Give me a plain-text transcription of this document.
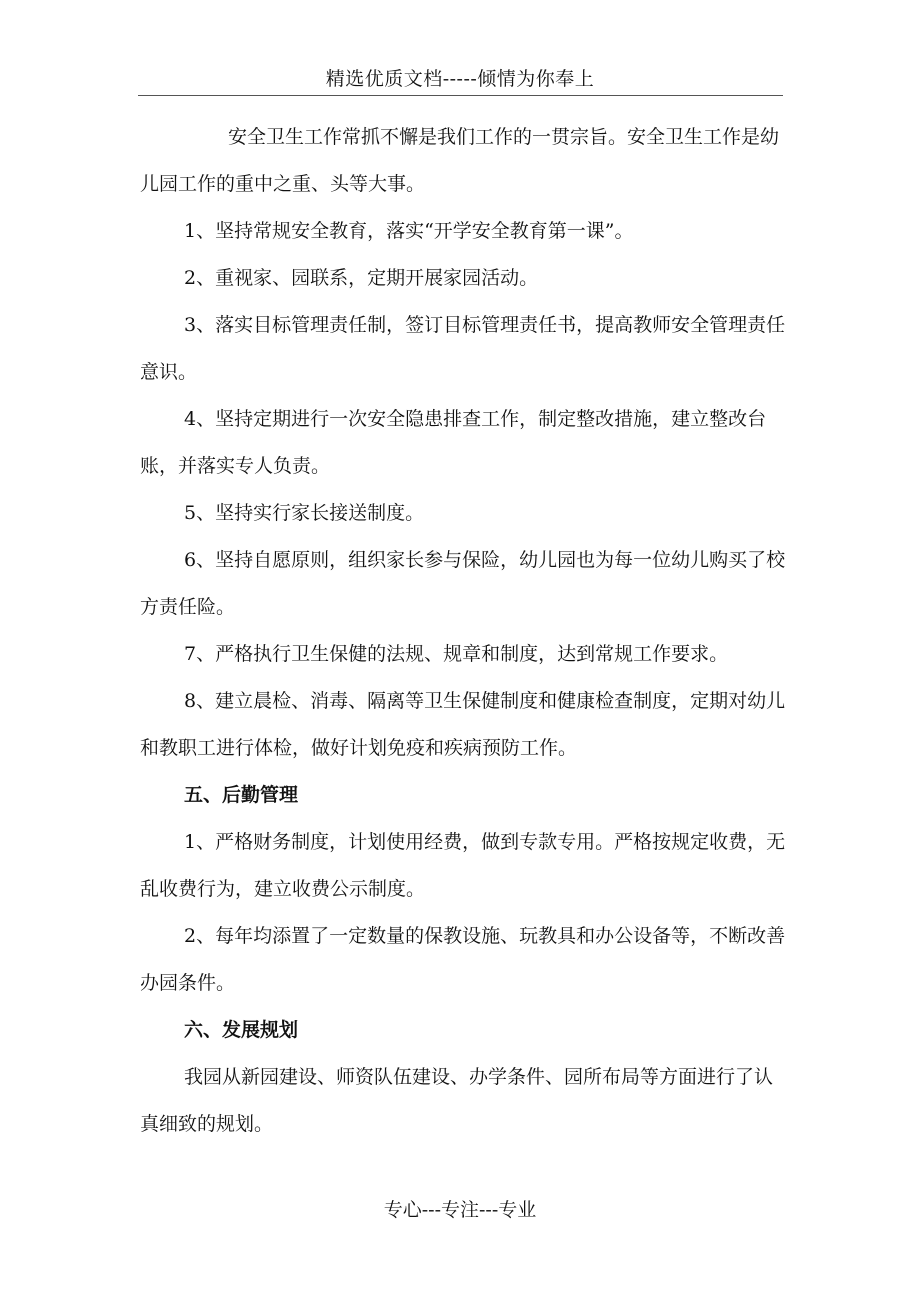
精选优质文档-----倾情为你奉上

安全卫生工作常抓不懈是我们工作的一贯宗旨。安全卫生工作是幼儿园工作的重中之重、头等大事。

1、坚持常规安全教育，落实“开学安全教育第一课”。

2、重视家、园联系，定期开展家园活动。

3、落实目标管理责任制，签订目标管理责任书，提高教师安全管理责任意识。

4、坚持定期进行一次安全隐患排查工作，制定整改措施，建立整改台账，并落实专人负责。

5、坚持实行家长接送制度。

6、坚持自愿原则，组织家长参与保险，幼儿园也为每一位幼儿购买了校方责任险。

7、严格执行卫生保健的法规、规章和制度，达到常规工作要求。

8、建立晨检、消毒、隔离等卫生保健制度和健康检查制度，定期对幼儿和教职工进行体检，做好计划免疫和疾病预防工作。

五、后勤管理

1、严格财务制度，计划使用经费，做到专款专用。严格按规定收费，无乱收费行为，建立收费公示制度。

2、每年均添置了一定数量的保教设施、玩教具和办公设备等，不断改善办园条件。

六、发展规划

我园从新园建设、师资队伍建设、办学条件、园所布局等方面进行了认真细致的规划。

专心---专注---专业
